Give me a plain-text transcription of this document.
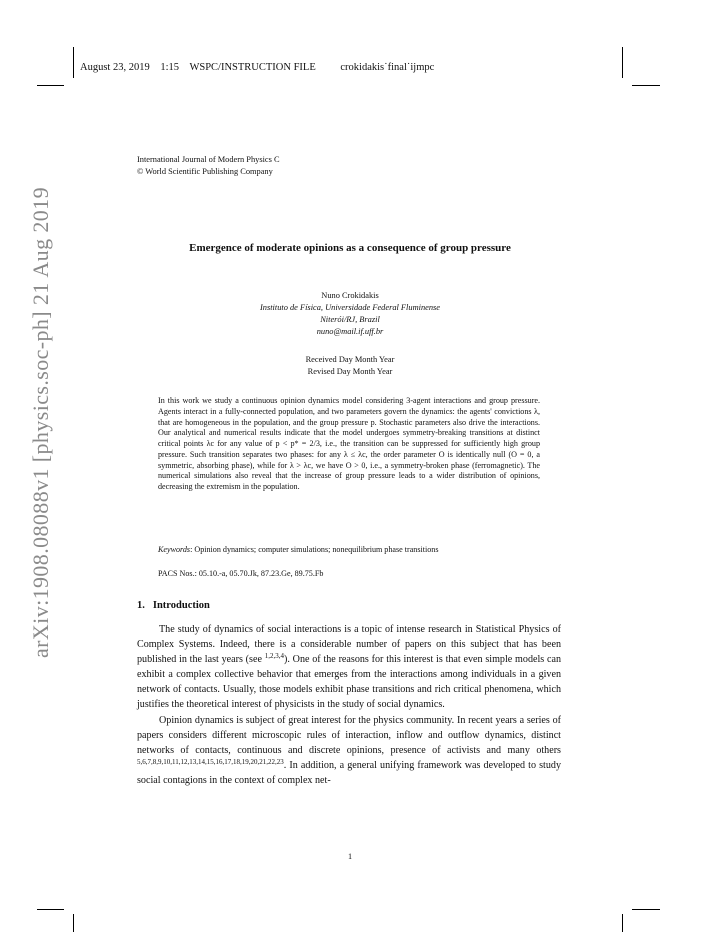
August 23, 2019 1:15 WSPC/INSTRUCTION FILE crokidakis˙final˙ijmpc
arXiv:1908.08088v1 [physics.soc-ph] 21 Aug 2019
International Journal of Modern Physics C
© World Scientific Publishing Company
Emergence of moderate opinions as a consequence of group pressure
Nuno Crokidakis
Instituto de Física, Universidade Federal Fluminense
Niterói/RJ, Brazil
nuno@mail.if.uff.br
Received Day Month Year
Revised Day Month Year
In this work we study a continuous opinion dynamics model considering 3-agent interactions and group pressure. Agents interact in a fully-connected population, and two parameters govern the dynamics: the agents' convictions λ, that are homogeneous in the population, and the group pressure p. Stochastic parameters also drive the interactions. Our analytical and numerical results indicate that the model undergoes symmetry-breaking transitions at distinct critical points λc for any value of p < p* = 2/3, i.e., the transition can be suppressed for sufficiently high group pressure. Such transition separates two phases: for any λ ≤ λc, the order parameter O is identically null (O = 0, a symmetric, absorbing phase), while for λ > λc, we have O > 0, i.e., a symmetry-broken phase (ferromagnetic). The numerical simulations also reveal that the increase of group pressure leads to a wider distribution of opinions, decreasing the extremism in the population.
Keywords: Opinion dynamics; computer simulations; nonequilibrium phase transitions
PACS Nos.: 05.10.-a, 05.70.Jk, 87.23.Ge, 89.75.Fb
1. Introduction

The study of dynamics of social interactions is a topic of intense research in Statistical Physics of Complex Systems. Indeed, there is a considerable number of papers on this subject that has been published in the last years (see $^{1,2,3,4}$). One of the reasons for this interest is that even simple models can exhibit a complex collective behavior that emerges from the interactions among individuals in a given network of contacts. Usually, those models exhibit phase transitions and rich critical phenomena, which justifies the theoretical interest of physicists in the study of social dynamics.

Opinion dynamics is subject of great interest for the physics community. In recent years a series of papers considers different microscopic rules of interaction, inflow and outflow dynamics, distinct networks of contacts, continuous and discrete opinions, presence of activists and many others $^{5,6,7,8,9,10,11,12,13,14,15,16,17,18,19,20,21,22,23}$. In addition, a general unifying framework was developed to study social contagions in the context of complex net-

1
